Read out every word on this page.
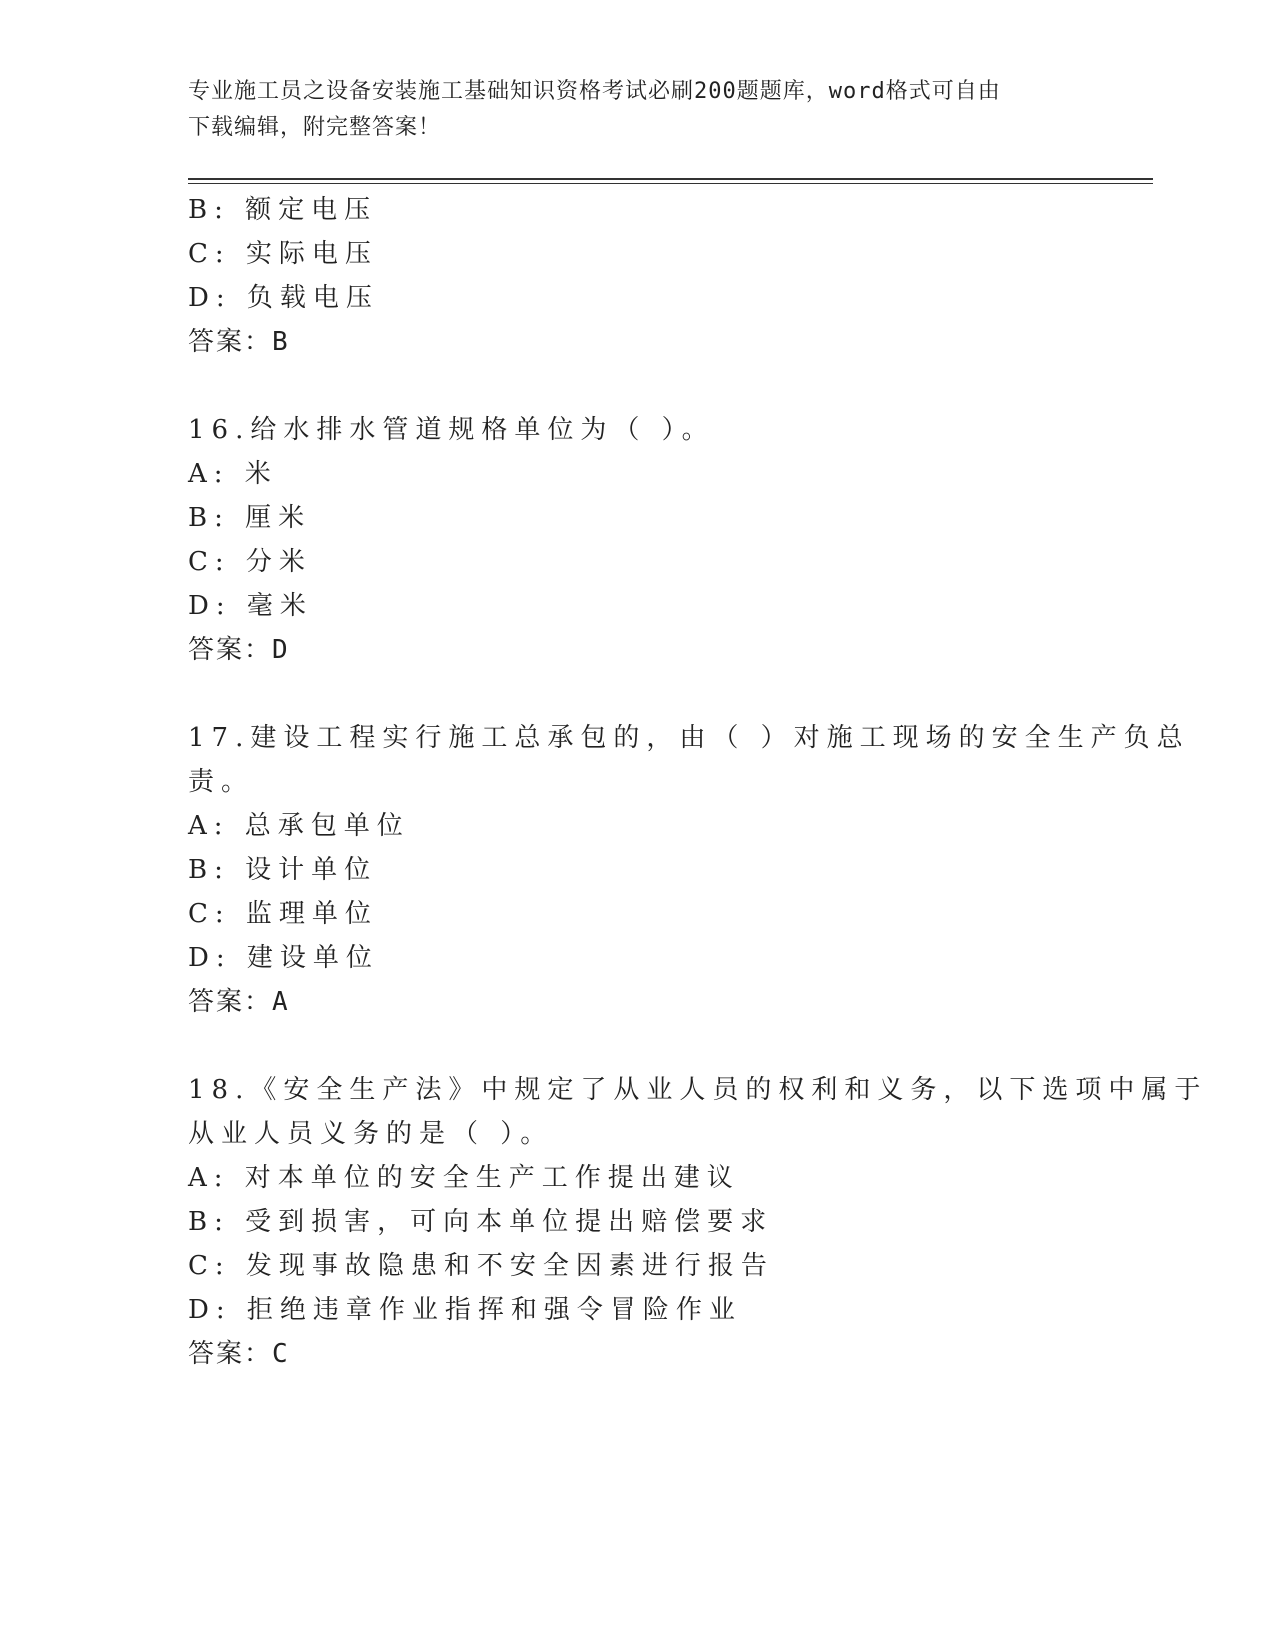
专业施工员之设备安装施工基础知识资格考试必刷200题题库，word格式可自由
下载编辑，附完整答案！
B: 额定电压
C: 实际电压
D: 负载电压
答案：B
16.给水排水管道规格单位为（ ）。
A: 米
B: 厘米
C: 分米
D: 毫米
答案：D
17.建设工程实行施工总承包的，由（ ）对施工现场的安全生产负总
责。
A: 总承包单位
B: 设计单位
C: 监理单位
D: 建设单位
答案：A
18.《安全生产法》中规定了从业人员的权利和义务，以下选项中属于
从业人员义务的是（ ）。
A: 对本单位的安全生产工作提出建议
B: 受到损害，可向本单位提出赔偿要求
C: 发现事故隐患和不安全因素进行报告
D: 拒绝违章作业指挥和强令冒险作业
答案：C
